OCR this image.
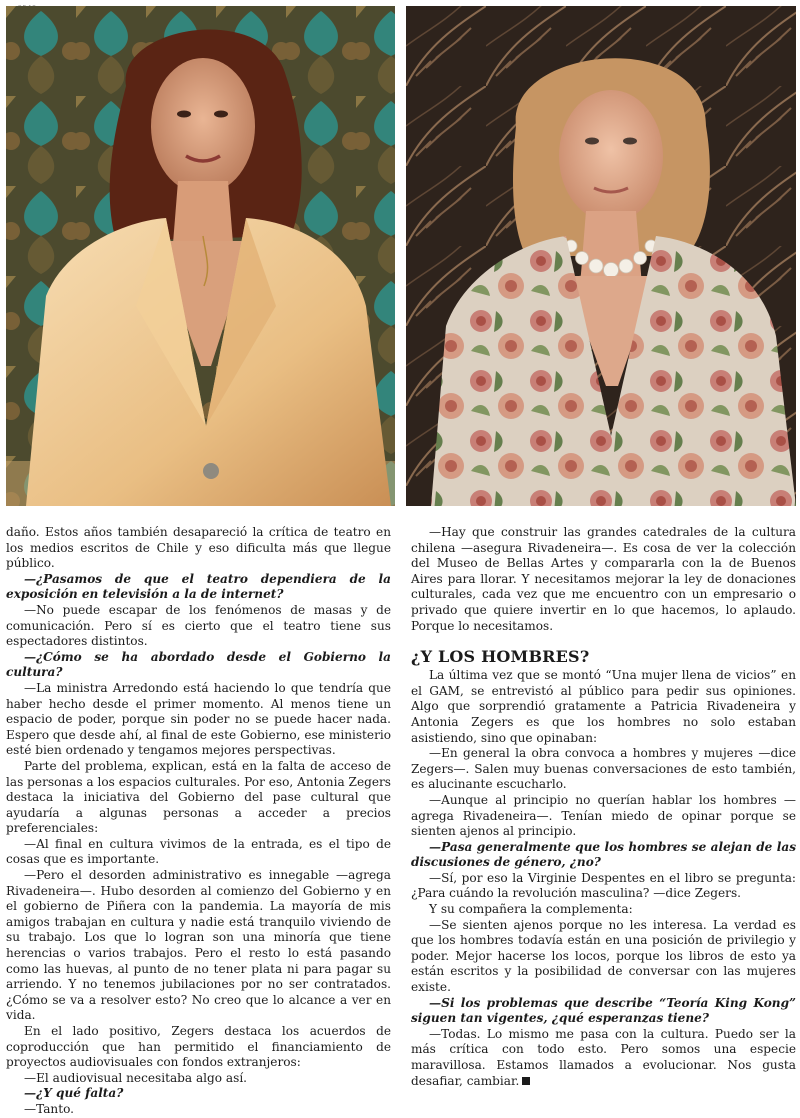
daño. Estos años también desapareció la crítica de teatro en los medios escritos de Chile y eso dificulta más que llegue público.

—¿Pasamos de que el teatro dependiera de la exposición en televisión a la de internet?

—No puede escapar de los fenómenos de masas y de comunicación. Pero sí es cierto que el teatro tiene sus espectadores distintos.

—¿Cómo se ha abordado desde el Gobierno la cultura?

—La ministra Arredondo está haciendo lo que tendría que haber hecho desde el primer momento. Al menos tiene un espacio de poder, porque sin poder no se puede hacer nada. Espero que desde ahí, al final de este Gobierno, ese ministerio esté bien ordenado y tengamos mejores perspectivas.

Parte del problema, explican, está en la falta de acceso de las personas a los espacios culturales. Por eso, Antonia Zegers destaca la iniciativa del Gobierno del pase cultural que ayudaría a algunas personas a acceder a precios preferenciales:

—Al final en cultura vivimos de la entrada, es el tipo de cosas que es importante.

—Pero el desorden administrativo es innegable —agrega Rivadeneira—. Hubo desorden al comienzo del Gobierno y en el gobierno de Piñera con la pandemia. La mayoría de mis amigos trabajan en cultura y nadie está tranquilo viviendo de su trabajo. Los que lo logran son una minoría que tiene herencias o varios trabajos. Pero el resto lo está pasando como las huevas, al punto de no tener plata ni para pagar su arriendo. Y no tenemos jubilaciones por no ser contratados. ¿Cómo se va a resolver esto? No creo que lo alcance a ver en vida.

En el lado positivo, Zegers destaca los acuerdos de coproducción que han permitido el financiamiento de proyectos audiovisuales con fondos extranjeros:

—El audiovisual necesitaba algo así.

—¿Y qué falta?

—Tanto.

—Hay que construir las grandes catedrales de la cultura chilena —asegura Rivadeneira—. Es cosa de ver la colección del Museo de Bellas Artes y compararla con la de Buenos Aires para llorar. Y necesitamos mejorar la ley de donaciones culturales, cada vez que me encuentro con un empresario o privado que quiere invertir en lo que hacemos, lo aplaudo. Porque lo necesitamos.

¿Y LOS HOMBRES?

La última vez que se montó “Una mujer llena de vicios” en el GAM, se entrevistó al público para pedir sus opiniones. Algo que sorprendió gratamente a Patricia Rivadeneira y Antonia Zegers es que los hombres no solo estaban asistiendo, sino que opinaban:

—En general la obra convoca a hombres y mujeres —dice Zegers—. Salen muy buenas conversaciones de esto también, es alucinante escucharlo.

—Aunque al principio no querían hablar los hombres —agrega Rivadeneira—. Tenían miedo de opinar porque se sienten ajenos al principio.

—Pasa generalmente que los hombres se alejan de las discusiones de género, ¿no?

—Sí, por eso la Virginie Despentes en el libro se pregunta: ¿Para cuándo la revolución masculina? —dice Zegers.

Y su compañera la complementa:

—Se sienten ajenos porque no les interesa. La verdad es que los hombres todavía están en una posición de privilegio y poder. Mejor hacerse los locos, porque los libros de esto ya están escritos y la posibilidad de conversar con las mujeres existe.

—Si los problemas que describe “Teoría King Kong” siguen tan vigentes, ¿qué esperanzas tiene?

—Todas. Lo mismo me pasa con la cultura. Puedo ser la más crítica con todo esto. Pero somos una especie maravillosa. Estamos llamados a evolucionar. Nos gusta desafiar, cambiar.
